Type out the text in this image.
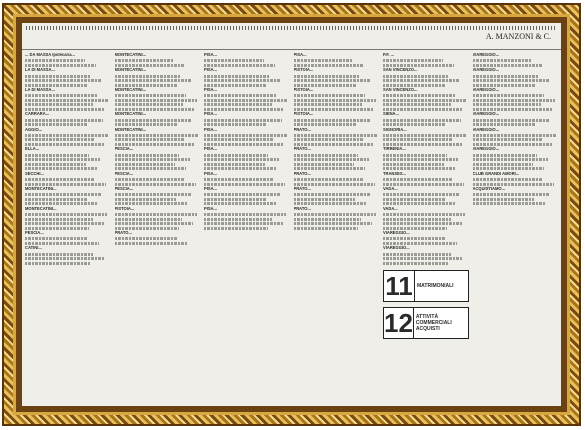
A. MANZONI & C.
... DA MASSA Ipotecaria...
LA DI MASSA...
LA DI MASSA...
CARRARA...
AGGIO...
ELLA...
SECCHI...
MONTECATINI...
MONTECATINI...
PESCIA...
CATINI...
MONTECATINI...
MONTECATINI...
MONTECATINI...
MONTECATINI...
MONTECATINI...
PESCIA...
PESCIA...
PESCIA...
PISTOIA...
PRATO...
PISA...
PISA...
PISA...
PISA...
PISA...
PISA...
PISA...
PISA...
PISA...
PISA...
PISTOIA...
PISTOIA...
PISTOIA...
PRATO...
PRATO...
PRATO...
PRATO...
PRATO...
P.F. ...
SAN VINCENZO...
SAN VINCENZO...
SIENA...
SIGNORIA...
TIRRENIA...
TRANSEX...
VADA...
VADA...
VIAREGGIO...
VIAREGGIO...
11 MATRIMONIALI
12 ATTIVITÀ COMMERCIALI ACQUISTI
VIAREGGIO...
VIAREGGIO...
VIAREGGIO...
VIAREGGIO...
VIAREGGIO...
VIAREGGIO...
CLUB GRANDI AMORI...
ACQUISTIAMO...
